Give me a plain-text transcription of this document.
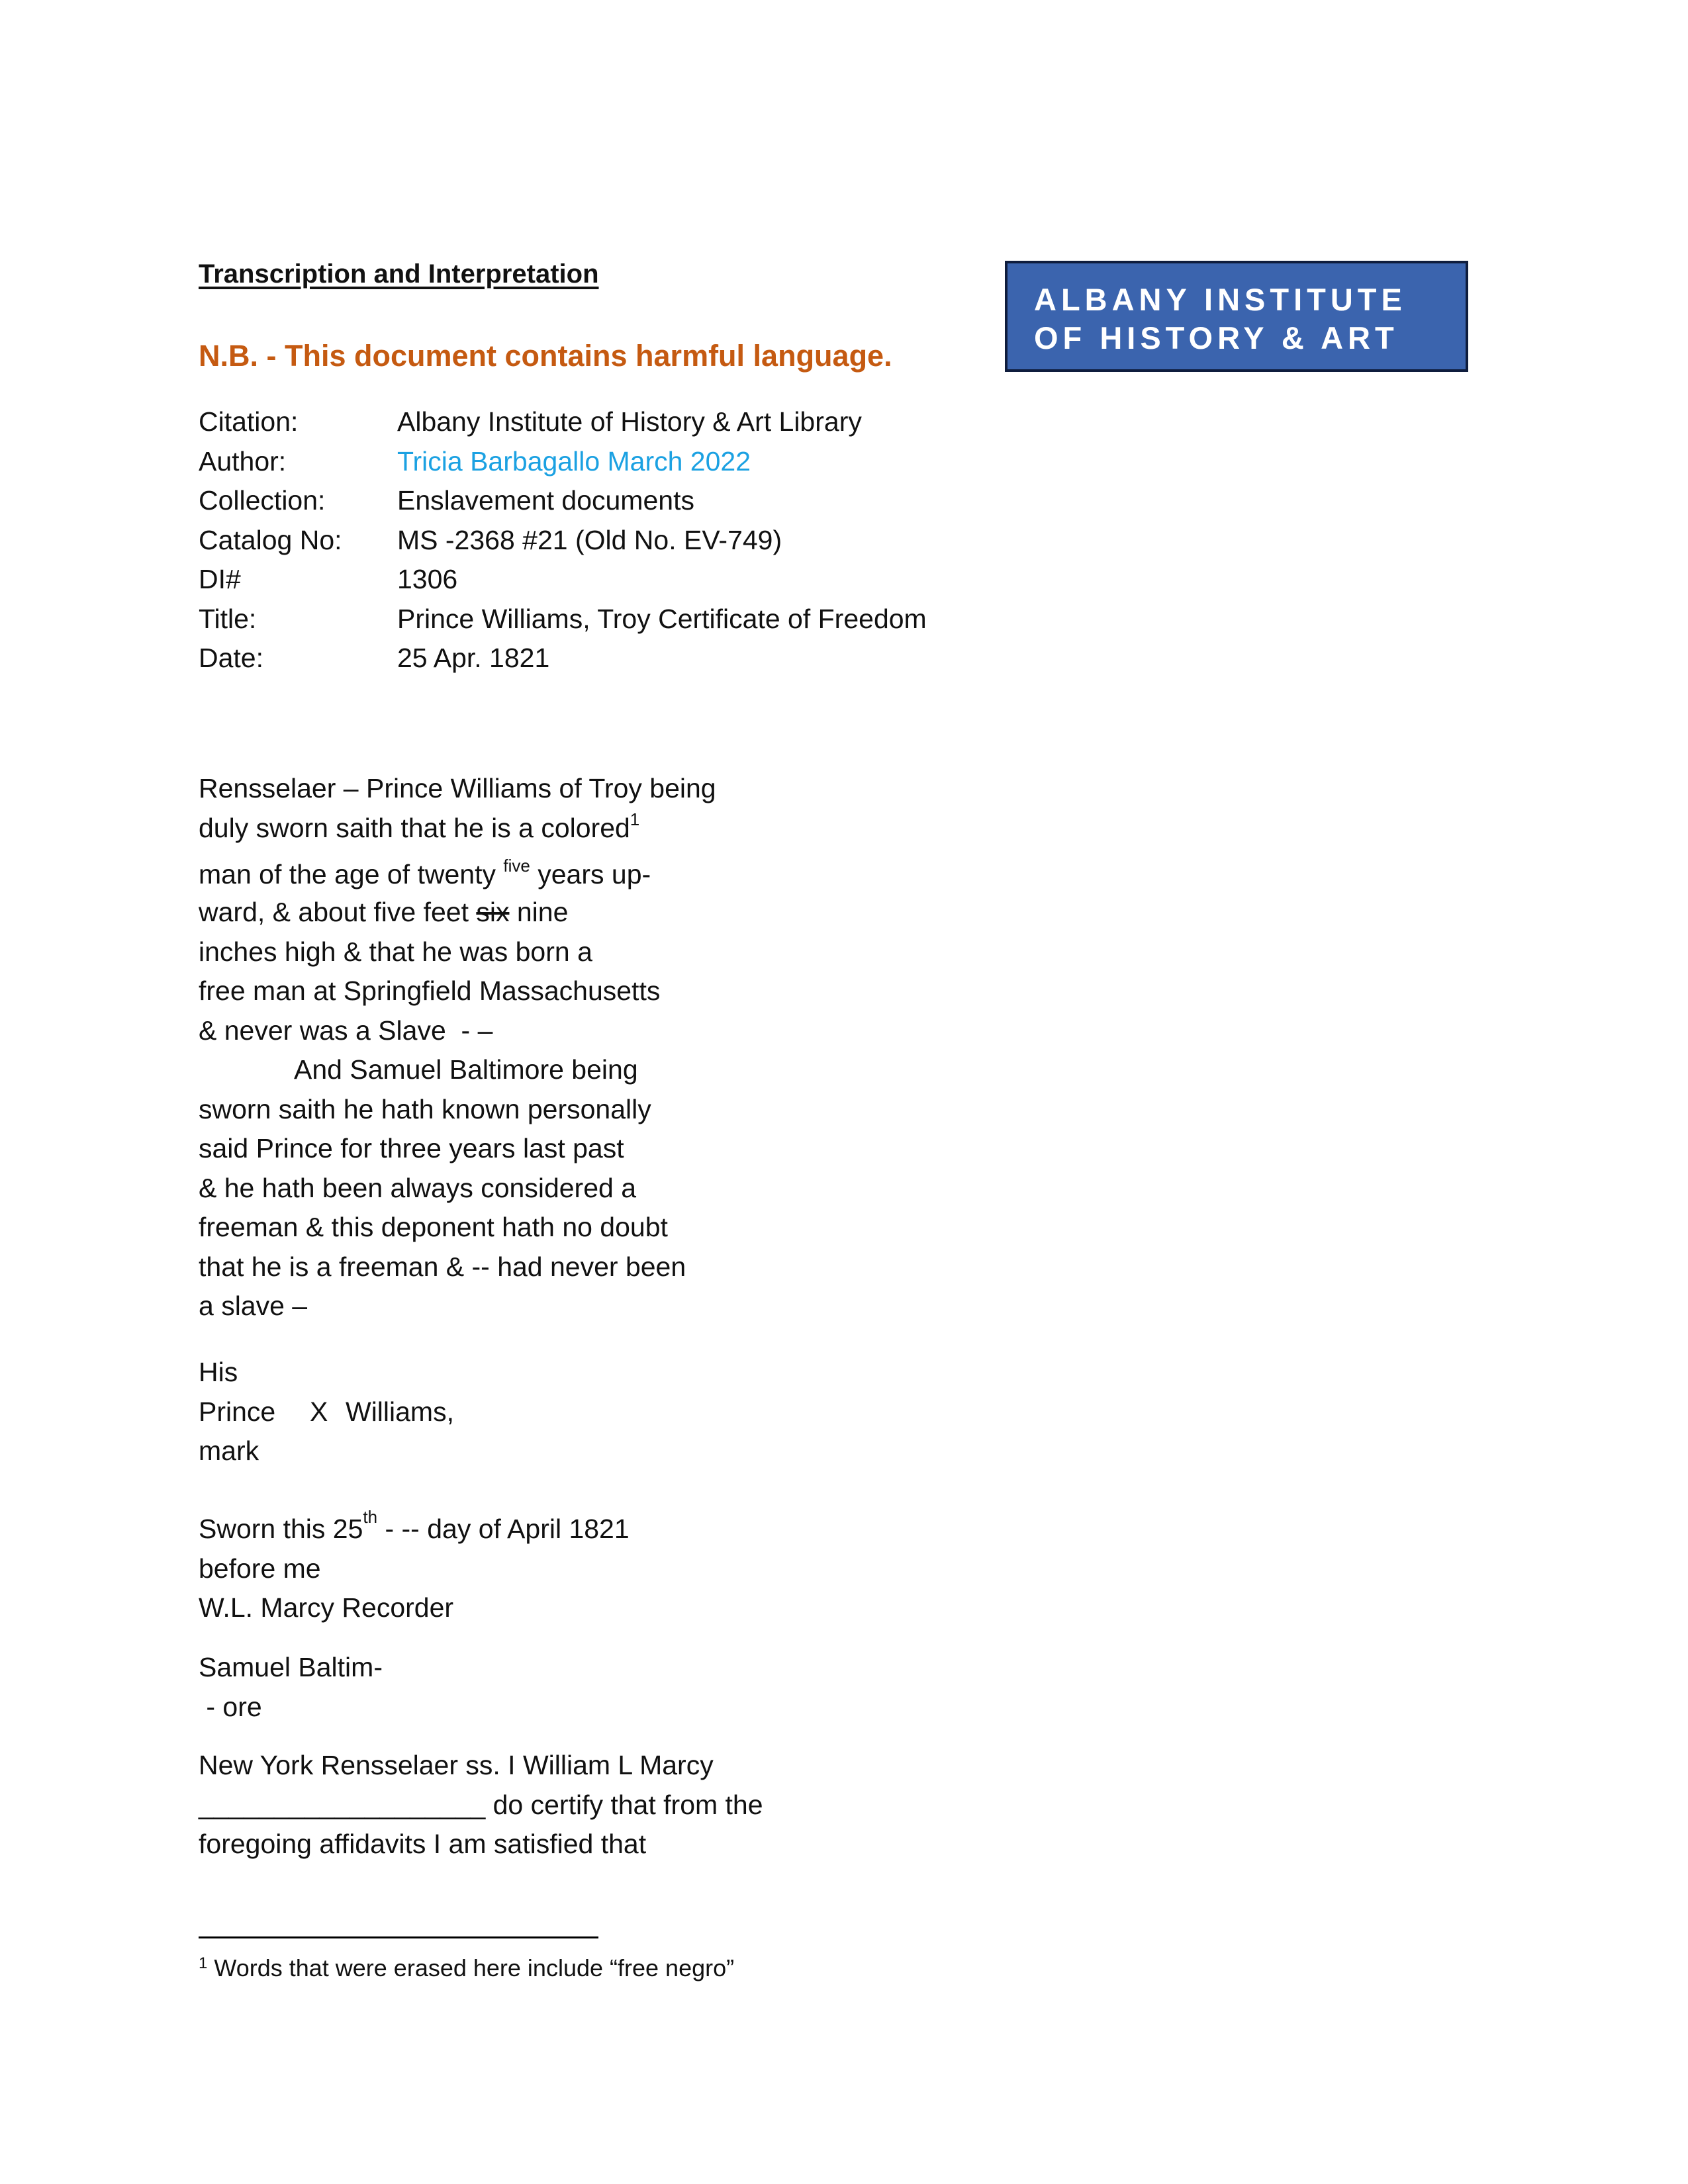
Transcription and Interpretation
N.B. - This document contains harmful language.
ALBANY INSTITUTE
OF HISTORY & ART
Citation:	Albany Institute of History & Art Library
Author:	Tricia Barbagallo March 2022
Collection:	Enslavement documents
Catalog No:	MS -2368 #21 (Old No. EV-749)
DI#	1306
Title:	Prince Williams, Troy Certificate of Freedom
Date:	25 Apr. 1821
Rensselaer – Prince Williams of Troy being
duly sworn saith that he is a colored$^1$
man of the age of twenty $^{five}$ years up-
ward, & about five feet six nine
inches high & that he was born a
free man at Springfield Massachusetts
& never was a Slave  - –
And Samuel Baltimore being
sworn saith he hath known personally
said Prince for three years last past
& he hath been always considered a
freeman & this deponent hath no doubt
that he is a freeman & -- had never been
a slave –
His
Prince	X Williams,
mark
Sworn this 25th - -- day of April 1821
before me
W.L. Marcy Recorder
Samuel Baltim-
- ore
New York Rensselaer ss. I William L Marcy
___________________ do certify that from the
foregoing affidavits I am satisfied that
$^1$ Words that were erased here include “free negro”
